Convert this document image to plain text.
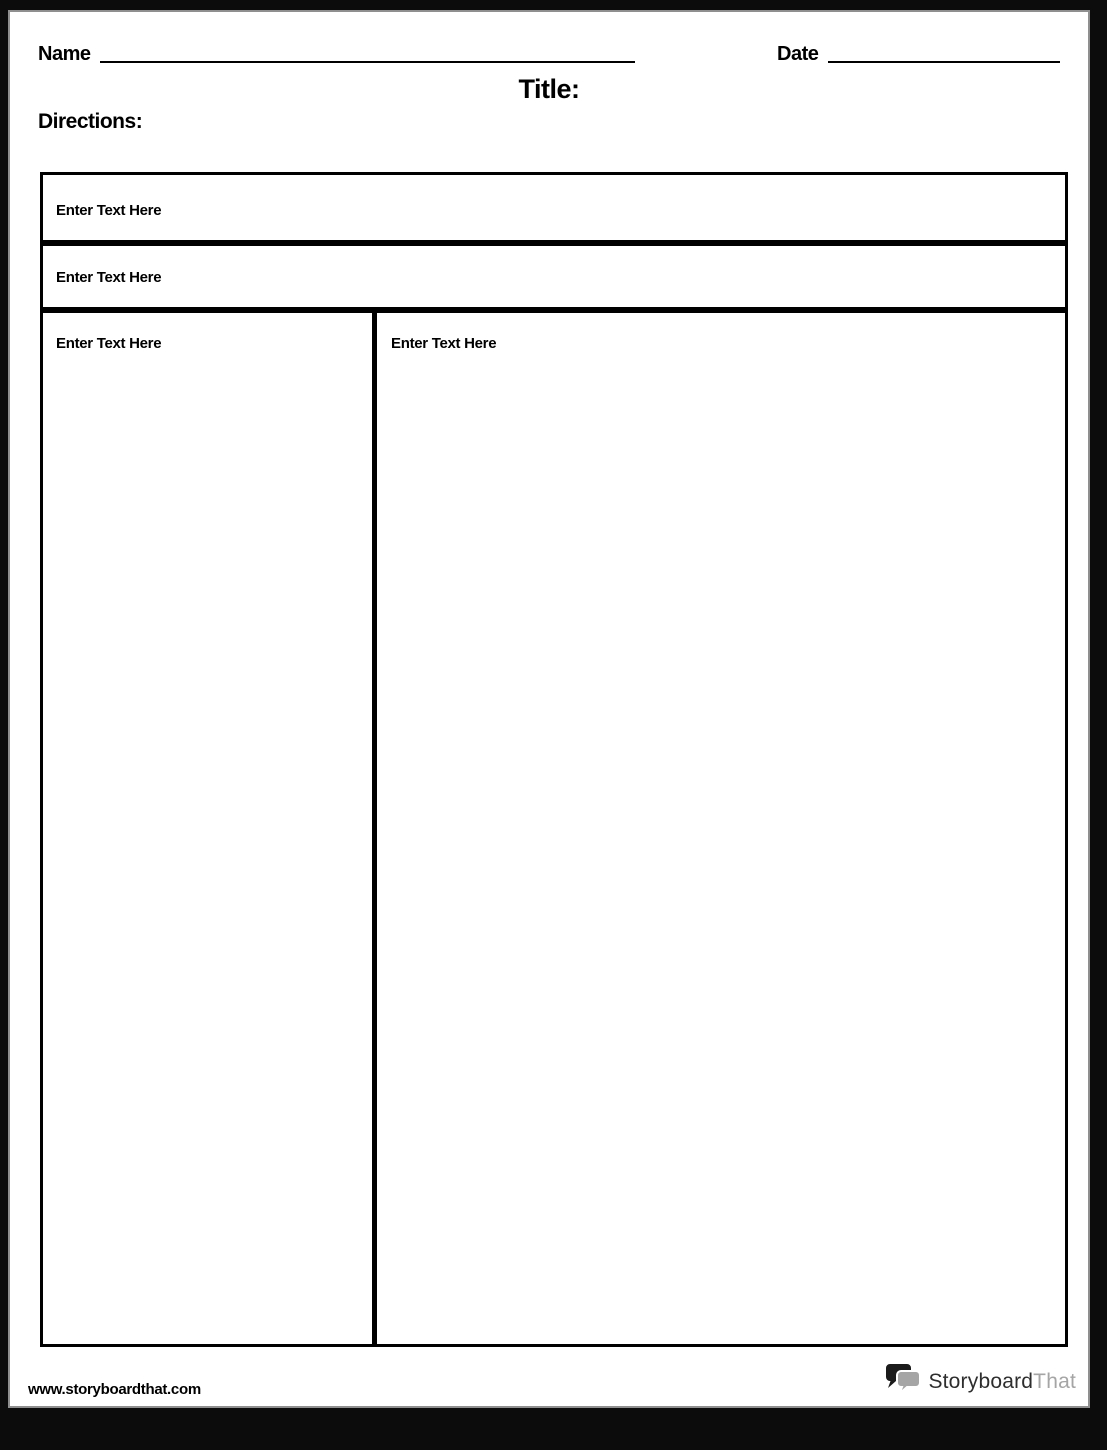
Name	Date
Title:
Directions:
Enter Text Here
Enter Text Here
Enter Text Here	Enter Text Here
www.storyboardthat.com	StoryboardThat
